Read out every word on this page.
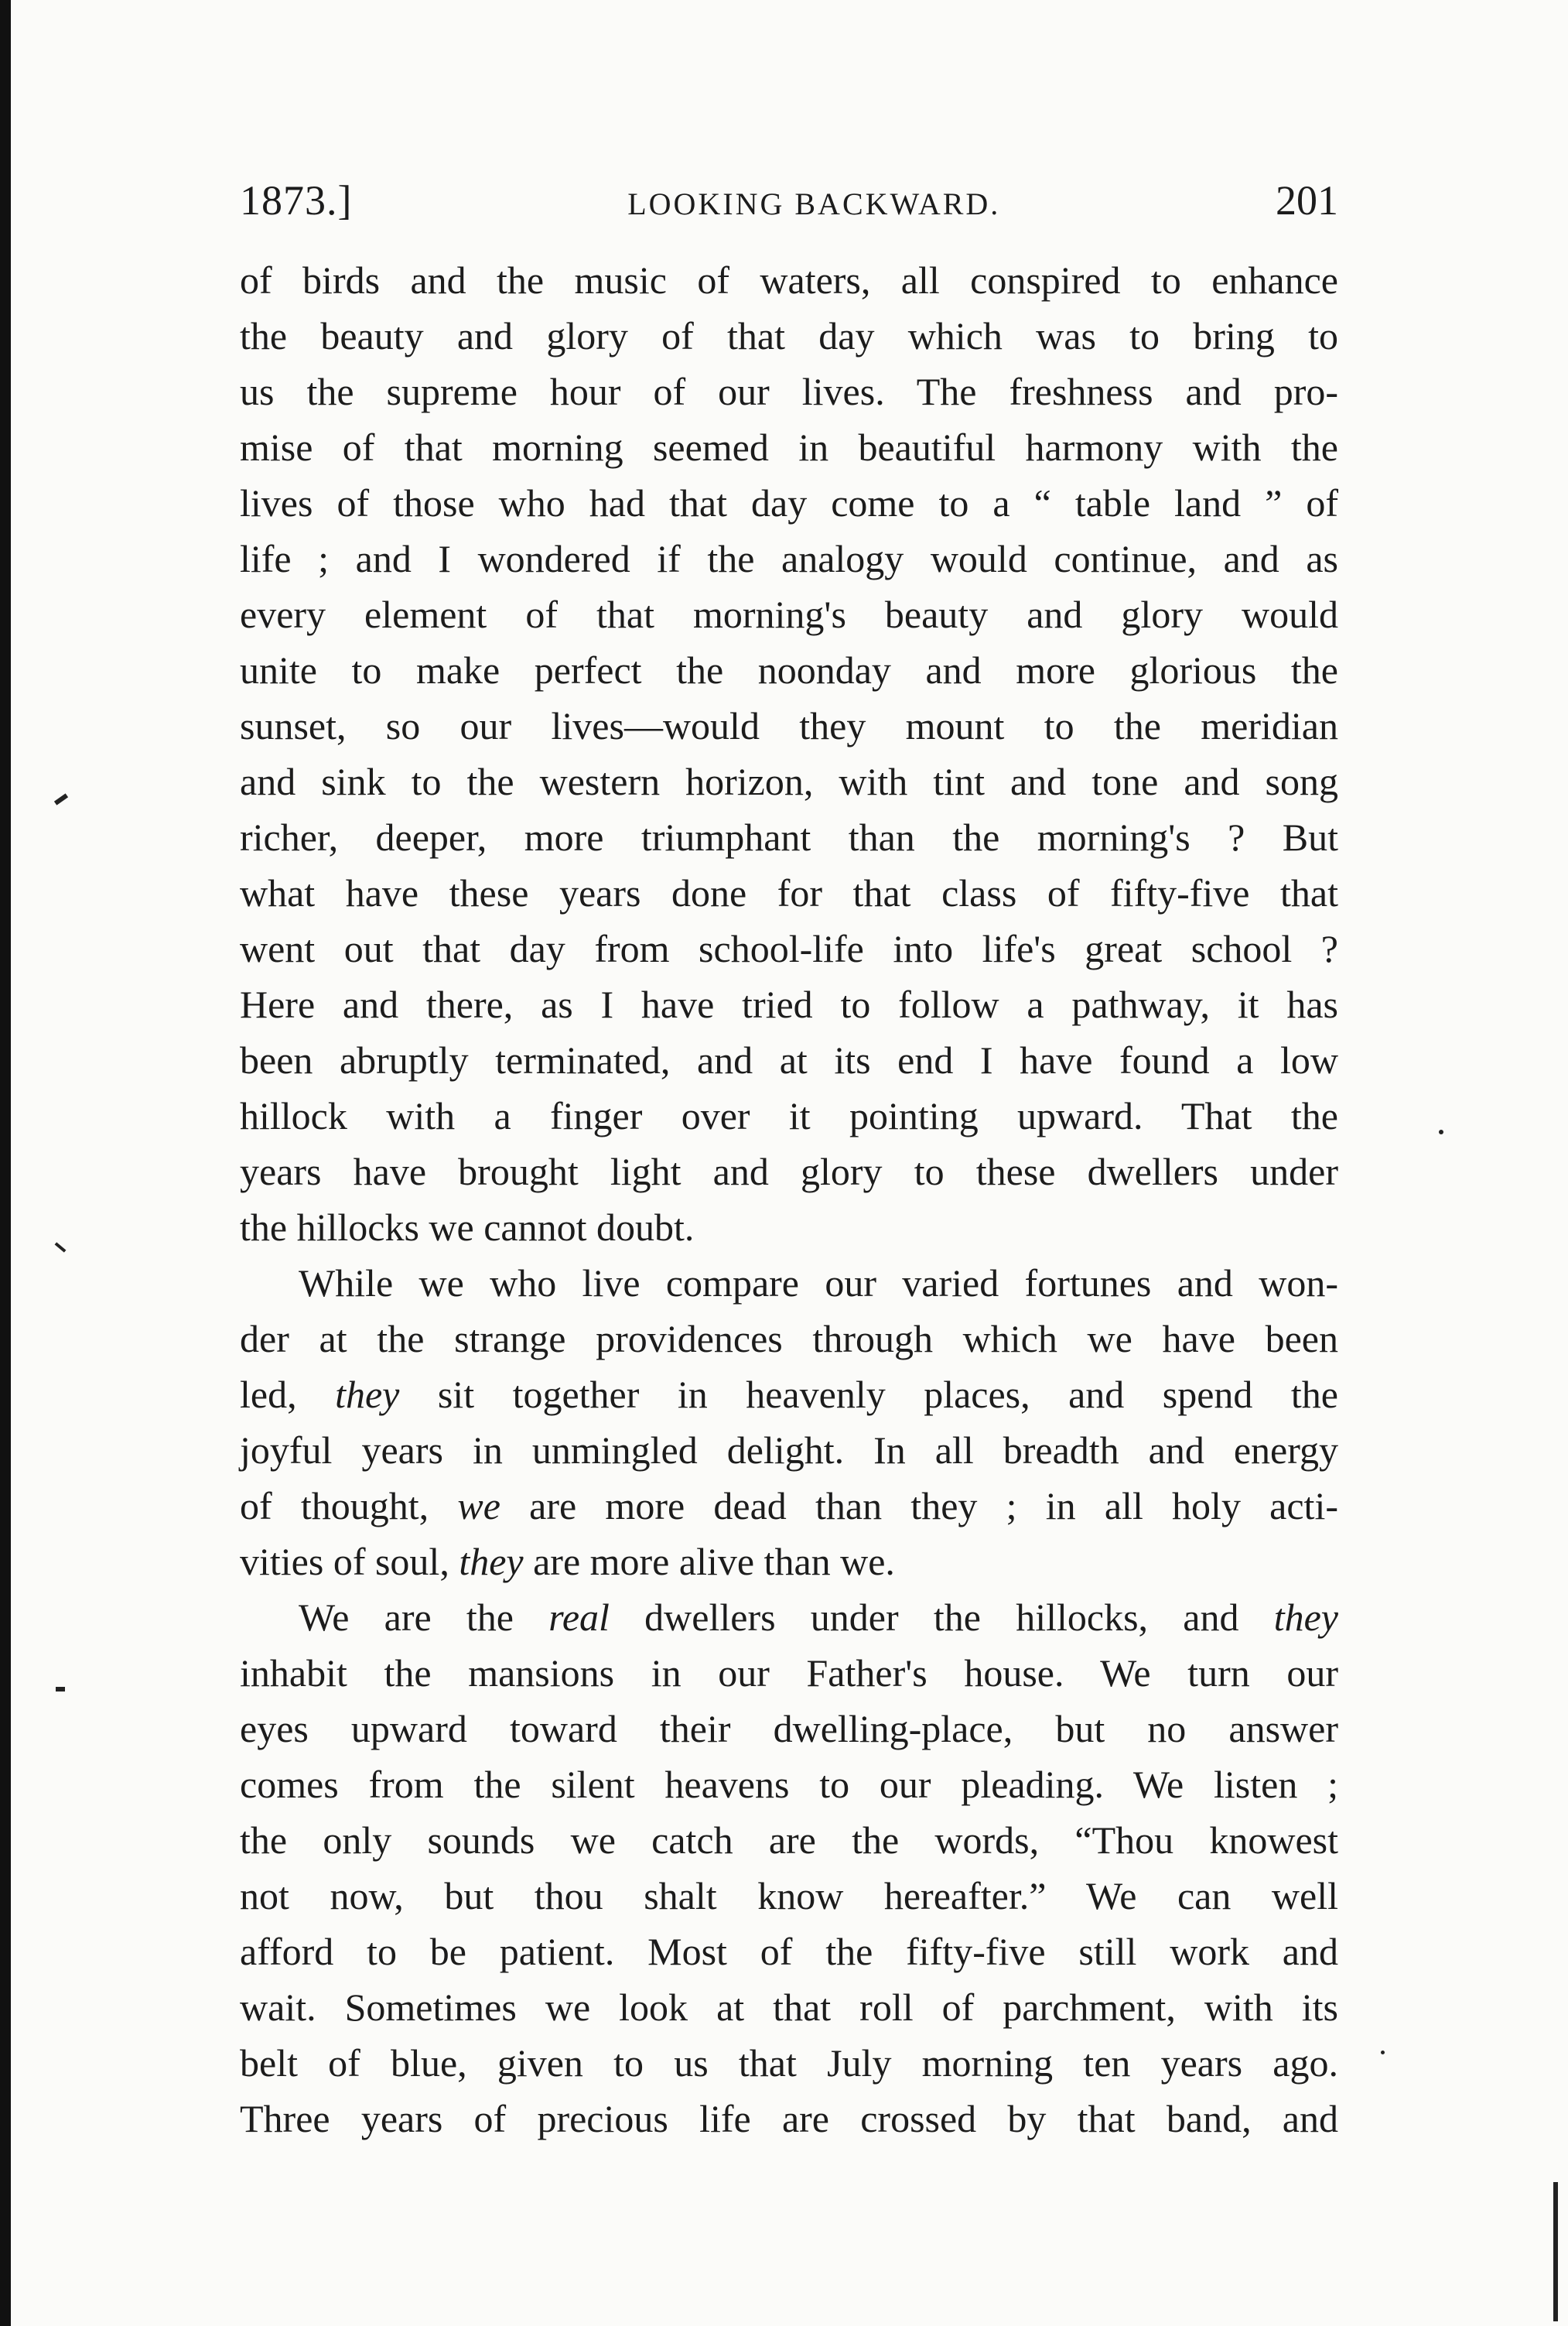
1873.]	LOOKING BACKWARD.	201
of birds and the music of waters, all conspired to enhance
the beauty and glory of that day which was to bring to
us the supreme hour of our lives. The freshness and pro-
mise of that morning seemed in beautiful harmony with the
lives of those who had that day come to a “ table land ” of
life ; and I wondered if the analogy would continue, and as
every element of that morning's beauty and glory would
unite to make perfect the noonday and more glorious the
sunset, so our lives—would they mount to the meridian
and sink to the western horizon, with tint and tone and song
richer, deeper, more triumphant than the morning's ? But
what have these years done for that class of fifty-five that
went out that day from school-life into life's great school ?
Here and there, as I have tried to follow a pathway, it has
been abruptly terminated, and at its end I have found a low
hillock with a finger over it pointing upward. That the
years have brought light and glory to these dwellers under
the hillocks we cannot doubt.
While we who live compare our varied fortunes and won-
der at the strange providences through which we have been
led, they sit together in heavenly places, and spend the
joyful years in unmingled delight. In all breadth and energy
of thought, we are more dead than they ; in all holy acti-
vities of soul, they are more alive than we.
We are the real dwellers under the hillocks, and they
inhabit the mansions in our Father's house. We turn our
eyes upward toward their dwelling-place, but no answer
comes from the silent heavens to our pleading. We listen ;
the only sounds we catch are the words, “Thou knowest
not now, but thou shalt know hereafter.” We can well
afford to be patient. Most of the fifty-five still work and
wait. Sometimes we look at that roll of parchment, with its
belt of blue, given to us that July morning ten years ago.
Three years of precious life are crossed by that band, and
